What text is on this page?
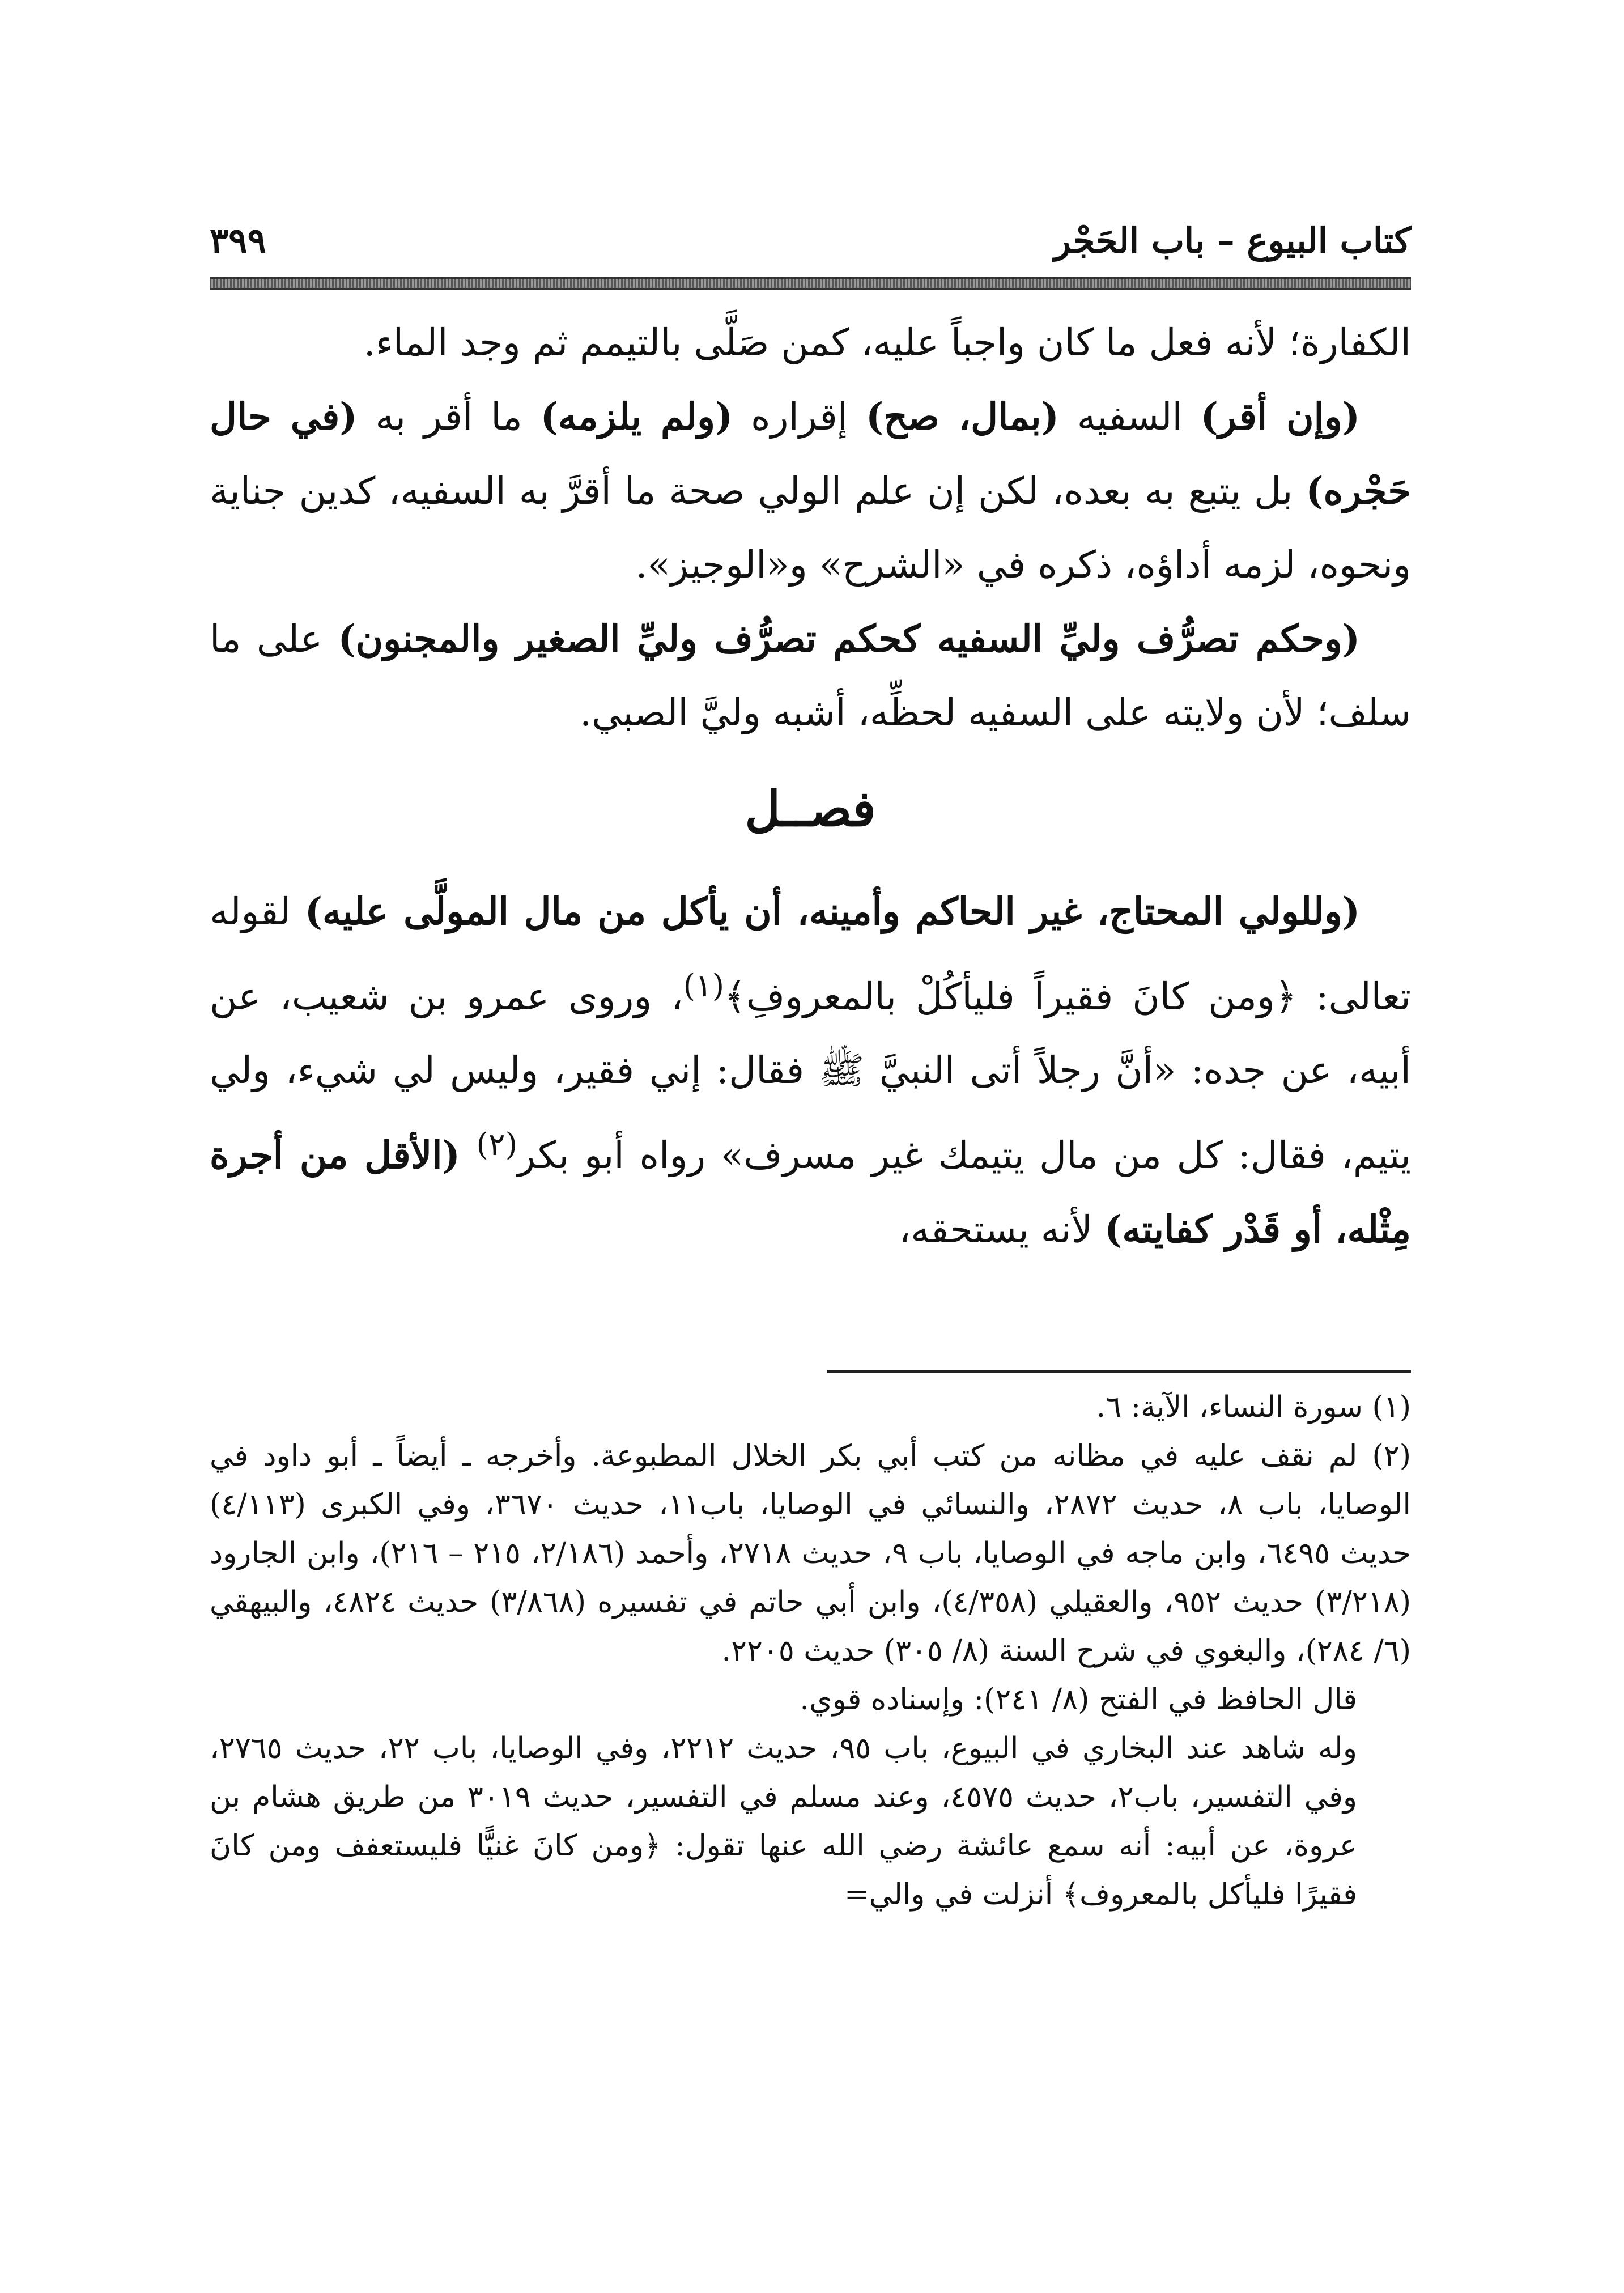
كتاب البيوع – باب الحَجْر
٣٩٩

الكفارة؛ لأنه فعل ما كان واجباً عليه، كمن صَلَّى بالتيمم ثم وجد الماء.

(وإن أقر) السفيه (بمال، صح) إقراره (ولم يلزمه) ما أقر به (في حال حَجْره) بل يتبع به بعده، لكن إن علم الولي صحة ما أقرَّ به السفيه، كدين جناية ونحوه، لزمه أداؤه، ذكره في «الشرح» و«الوجيز».

(وحكم تصرُّف وليِّ السفيه كحكم تصرُّف وليِّ الصغير والمجنون) على ما سلف؛ لأن ولايته على السفيه لحظِّه، أشبه وليَّ الصبي.

فصــل

(وللولي المحتاج، غير الحاكم وأمينه، أن يأكل من مال المولَّى عليه) لقوله تعالى: ﴿ومن كانَ فقيراً فليأكُلْ بالمعروفِ﴾$^{(١)}$، وروى عمرو بن شعيب، عن أبيه، عن جده: «أنَّ رجلاً أتى النبيَّ ﷺ فقال: إني فقير، وليس لي شيء، ولي يتيم، فقال: كل من مال يتيمك غير مسرف» رواه أبو بكر$^{(٢)}$ (الأقل من أجرة مِثْله، أو قَدْر كفايته) لأنه يستحقه،

(١) سورة النساء، الآية: ٦.

(٢) لم نقف عليه في مظانه من كتب أبي بكر الخلال المطبوعة. وأخرجه ـ أيضاً ـ أبو داود في الوصايا، باب ٨، حديث ٢٨٧٢، والنسائي في الوصايا، باب١١، حديث ٣٦٧٠، وفي الكبرى (٤/١١٣) حديث ٦٤٩٥، وابن ماجه في الوصايا، باب ٩، حديث ٢٧١٨، وأحمد (٢/١٨٦، ٢١٥ – ٢١٦)، وابن الجارود (٣/٢١٨) حديث ٩٥٢، والعقيلي (٤/٣٥٨)، وابن أبي حاتم في تفسيره (٣/٨٦٨) حديث ٤٨٢٤، والبيهقي (٦/ ٢٨٤)، والبغوي في شرح السنة (٨/ ٣٠٥) حديث ٢٢٠٥.

قال الحافظ في الفتح (٨/ ٢٤١): وإسناده قوي.

وله شاهد عند البخاري في البيوع، باب ٩٥، حديث ٢٢١٢، وفي الوصايا، باب ٢٢، حديث ٢٧٦٥، وفي التفسير، باب٢، حديث ٤٥٧٥، وعند مسلم في التفسير، حديث ٣٠١٩ من طريق هشام بن عروة، عن أبيه: أنه سمع عائشة رضي الله عنها تقول: ﴿ومن كانَ غنيًّا فليستعفف ومن كانَ فقيرًا فليأكل بالمعروف﴾ أنزلت في والي=
